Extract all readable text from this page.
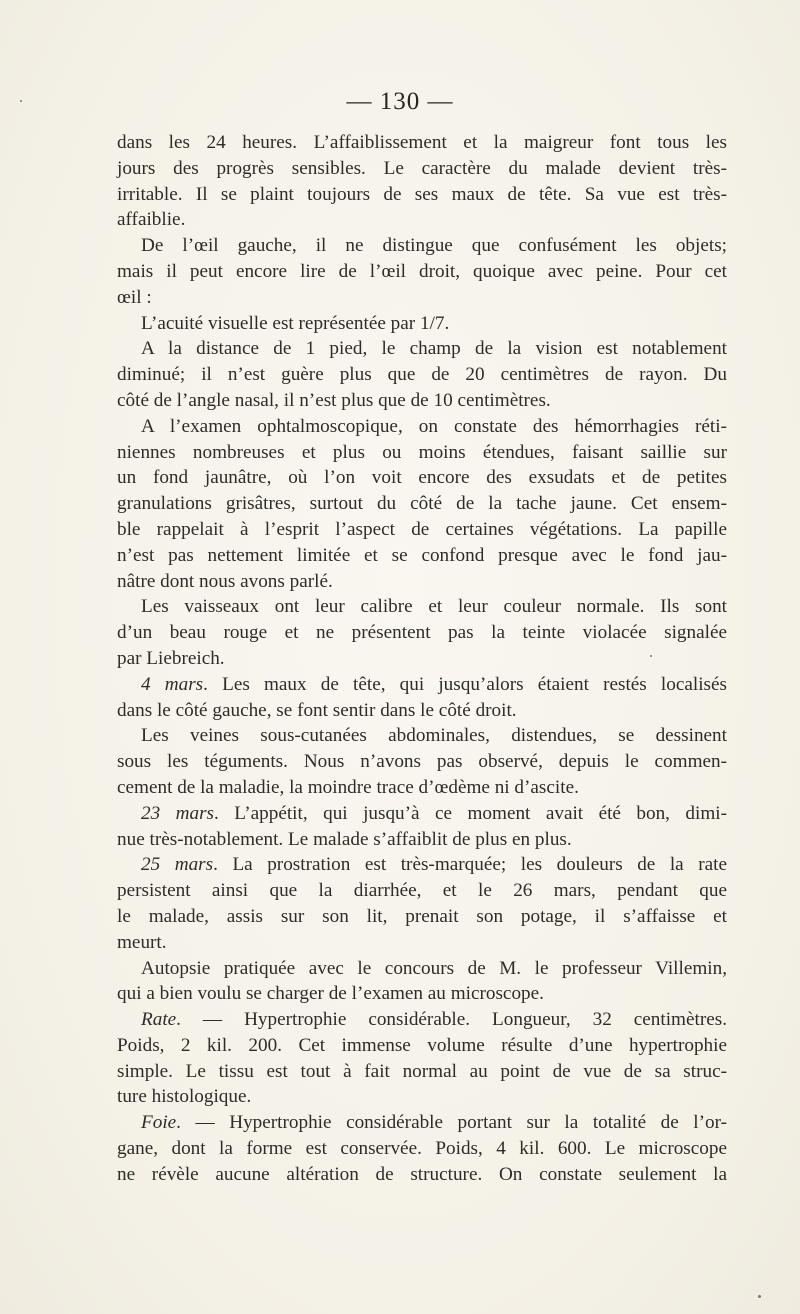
— 130 —
dans les 24 heures. L’affaiblissement et la maigreur font tous les
jours des progrès sensibles. Le caractère du malade devient très-
irritable. Il se plaint toujours de ses maux de tête. Sa vue est très-
affaiblie.
De l’œil gauche, il ne distingue que confusément les objets;
mais il peut encore lire de l’œil droit, quoique avec peine. Pour cet
œil :
L’acuité visuelle est représentée par 1/7.
A la distance de 1 pied, le champ de la vision est notablement
diminué; il n’est guère plus que de 20 centimètres de rayon. Du
côté de l’angle nasal, il n’est plus que de 10 centimètres.
A l’examen ophtalmoscopique, on constate des hémorrhagies réti-
niennes nombreuses et plus ou moins étendues, faisant saillie sur
un fond jaunâtre, où l’on voit encore des exsudats et de petites
granulations grisâtres, surtout du côté de la tache jaune. Cet ensem-
ble rappelait à l’esprit l’aspect de certaines végétations. La papille
n’est pas nettement limitée et se confond presque avec le fond jau-
nâtre dont nous avons parlé.
Les vaisseaux ont leur calibre et leur couleur normale. Ils sont
d’un beau rouge et ne présentent pas la teinte violacée signalée
par Liebreich.
4 mars. Les maux de tête, qui jusqu’alors étaient restés localisés
dans le côté gauche, se font sentir dans le côté droit.
Les veines sous-cutanées abdominales, distendues, se dessinent
sous les téguments. Nous n’avons pas observé, depuis le commen-
cement de la maladie, la moindre trace d’œdème ni d’ascite.
23 mars. L’appétit, qui jusqu’à ce moment avait été bon, dimi-
nue très-notablement. Le malade s’affaiblit de plus en plus.
25 mars. La prostration est très-marquée; les douleurs de la rate
persistent ainsi que la diarrhée, et le 26 mars, pendant que
le malade, assis sur son lit, prenait son potage, il s’affaisse et
meurt.
Autopsie pratiquée avec le concours de M. le professeur Villemin,
qui a bien voulu se charger de l’examen au microscope.
Rate. — Hypertrophie considérable. Longueur, 32 centimètres.
Poids, 2 kil. 200. Cet immense volume résulte d’une hypertrophie
simple. Le tissu est tout à fait normal au point de vue de sa struc-
ture histologique.
Foie. — Hypertrophie considérable portant sur la totalité de l’or-
gane, dont la forme est conservée. Poids, 4 kil. 600. Le microscope
ne révèle aucune altération de structure. On constate seulement la
